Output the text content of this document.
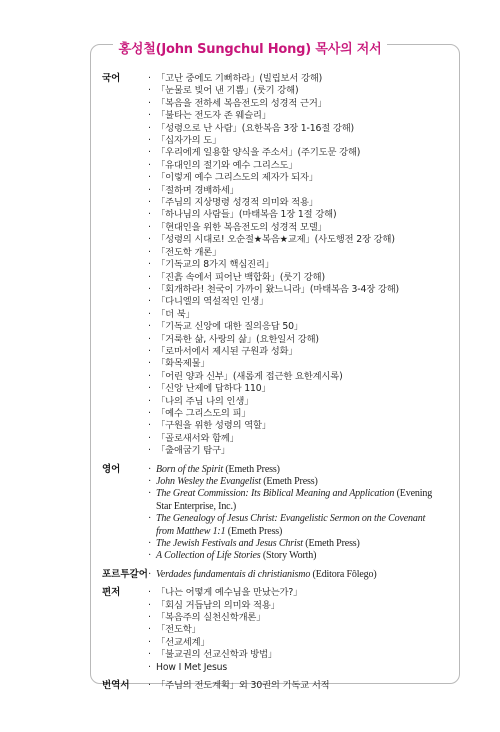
홍성철(John Sungchul Hong) 목사의 저서
국어	· 「고난 중에도 기뻐하라」(빌립보서 강해)
· 「눈물로 빚어 낸 기쁨」(룻기 강해)
· 「복음을 전하세 복음전도의 성경적 근거」
· 「불타는 전도자 존 웨슬리」
· 「성령으로 난 사람」(요한복음 3장 1-16절 강해)
· 「십자가의 도」
· 「우리에게 일용할 양식을 주소서」(주기도문 강해)
· 「유대인의 절기와 예수 그리스도」
· 「이렇게 예수 그리스도의 제자가 되자」
· 「절하며 경배하세」
· 「주님의 지상명령 성경적 의미와 적용」
· 「하나님의 사람들」(마태복음 1장 1절 강해)
· 「현대인을 위한 복음전도의 성경적 모델」
· 「성령의 시대로! 오순절★복음★교제」(사도행전 2장 강해)
· 「전도학 개론」
· 「기독교의 8가지 핵심진리」
· 「진흙 속에서 피어난 백합화」(룻기 강해)
· 「회개하라! 천국이 가까이 왔느니라」(마태복음 3-4장 강해)
· 「다니엘의 역설적인 인생」
· 「더 북」
· 「기독교 신앙에 대한 질의응답 50」
· 「거룩한 삶, 사랑의 삶」(요한일서 강해)
· 「로마서에서 제시된 구원과 성화」
· 「화목제물」
· 「어린 양과 신부」(새롭게 접근한 요한계시록)
· 「신앙 난제에 답하다 110」
· 「나의 주님 나의 인생」
· 「예수 그리스도의 피」
· 「구원을 위한 성령의 역할」
· 「골로새서와 함께」
· 「출애굽기 탐구」
영어	· Born of the Spirit (Emeth Press)
· John Wesley the Evangelist (Emeth Press)
· The Great Commission: Its Biblical Meaning and Application (Evening Star Enterprise, Inc.)
· The Genealogy of Jesus Christ: Evangelistic Sermon on the Covenant from Matthew 1:1 (Emeth Press)
· The Jewish Festivals and Jesus Christ (Emeth Press)
· A Collection of Life Stories (Story Worth)
포르투갈어 · Verdades fundamentais di christianismo (Editora Fôlego)
편저	· 「나는 어떻게 예수님을 만났는가?」
· 「회심 거듭남의 의미와 적용」
· 「복음주의 실천신학개론」
· 「전도학」
· 「선교세계」
· 「불교권의 선교신학과 방법」
· How I Met Jesus
번역서	· 「주님의 전도계획」외 30권의 기독교 서적
